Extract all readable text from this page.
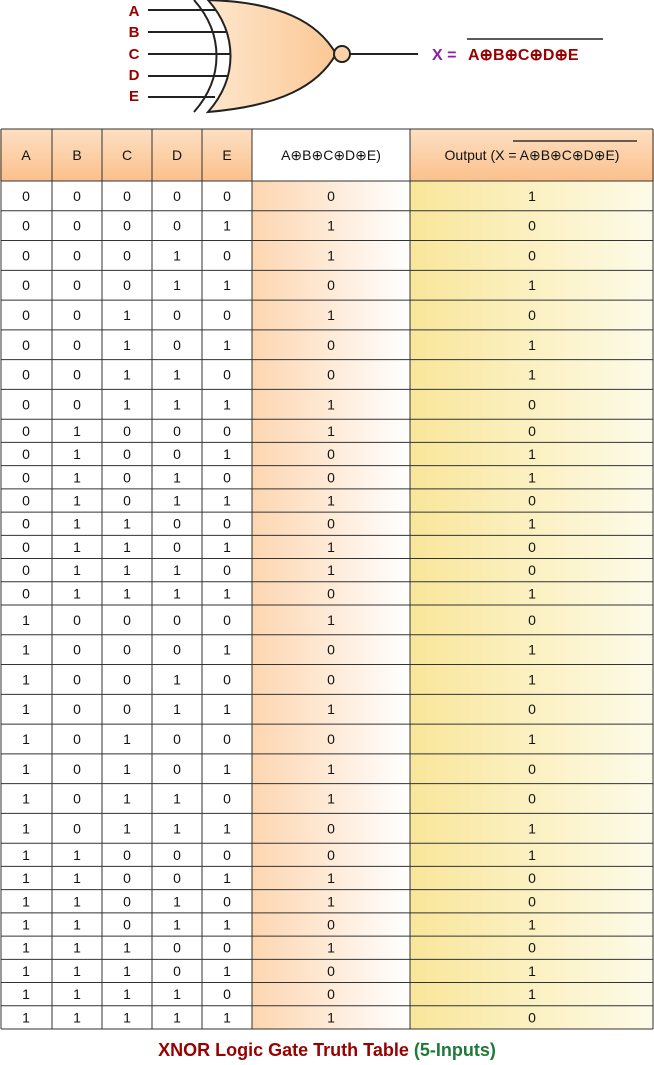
A
B
C
D
E
X = A⊕B⊕C⊕D⊕E
A	B	C	D	E	A⊕B⊕C⊕D⊕E)	Output (X = A⊕B⊕C⊕D⊕E)
0	0	0	0	0	0	1
0	0	0	0	1	1	0
0	0	0	1	0	1	0
0	0	0	1	1	0	1
0	0	1	0	0	1	0
0	0	1	0	1	0	1
0	0	1	1	0	0	1
0	0	1	1	1	1	0
0	1	0	0	0	1	0
0	1	0	0	1	0	1
0	1	0	1	0	0	1
0	1	0	1	1	1	0
0	1	1	0	0	0	1
0	1	1	0	1	1	0
0	1	1	1	0	1	0
0	1	1	1	1	0	1
1	0	0	0	0	1	0
1	0	0	0	1	0	1
1	0	0	1	0	0	1
1	0	0	1	1	1	0
1	0	1	0	0	0	1
1	0	1	0	1	1	0
1	0	1	1	0	1	0
1	0	1	1	1	0	1
1	1	0	0	0	0	1
1	1	0	0	1	1	0
1	1	0	1	0	1	0
1	1	0	1	1	0	1
1	1	1	0	0	1	0
1	1	1	0	1	0	1
1	1	1	1	0	0	1
1	1	1	1	1	1	0
XNOR Logic Gate Truth Table (5-Inputs)
